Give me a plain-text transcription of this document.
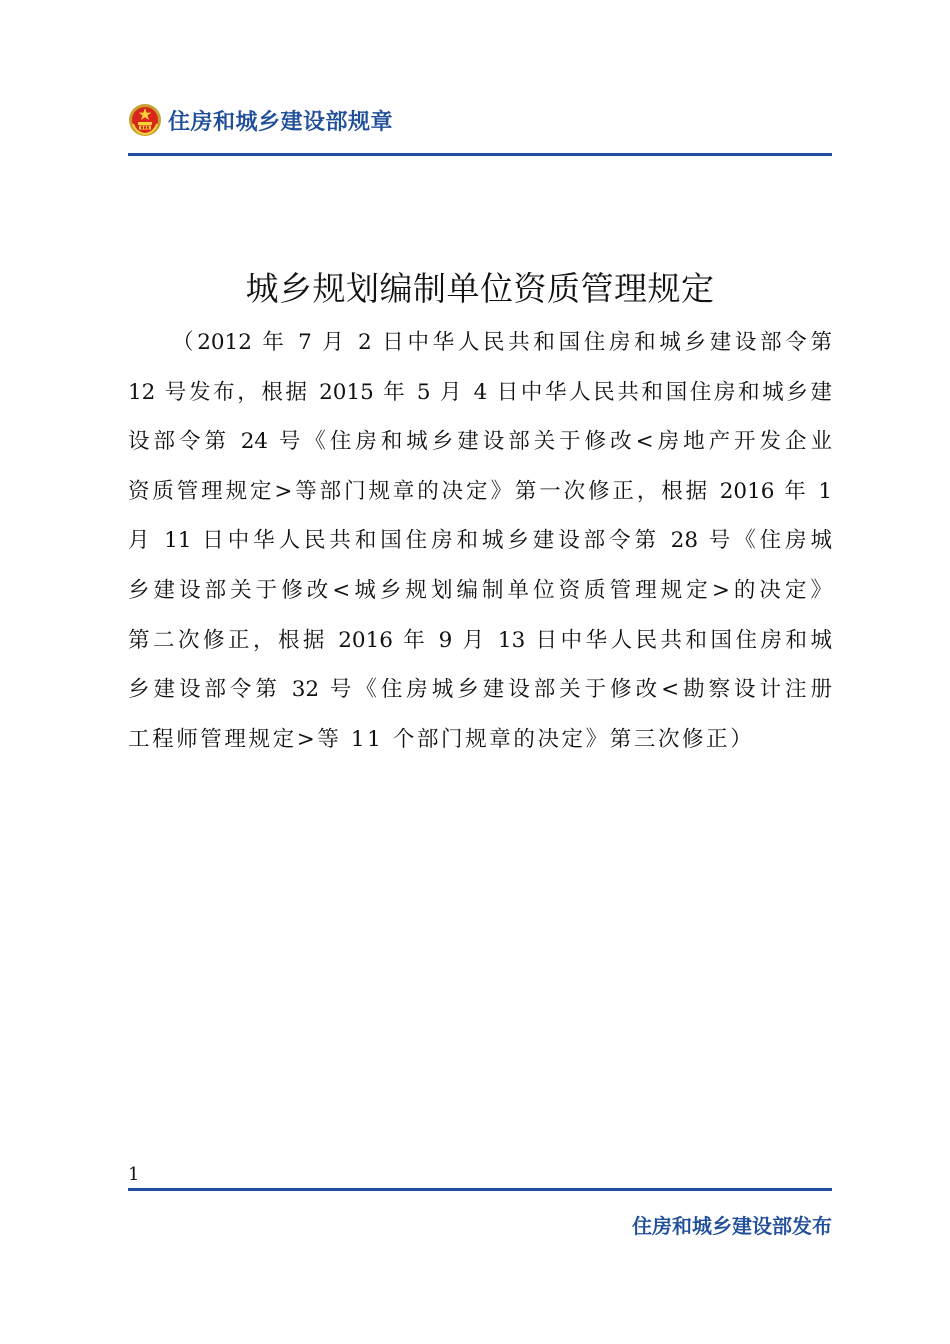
住房和城乡建设部规章
城乡规划编制单位资质管理规定
（2012 年 7 月 2 日中华人民共和国住房和城乡建设部令第
12 号发布，根据 2015 年 5 月 4 日中华人民共和国住房和城乡建
设部令第 24 号《住房和城乡建设部关于修改<房地产开发企业
资质管理规定>等部门规章的决定》第一次修正，根据 2016 年 1
月 11 日中华人民共和国住房和城乡建设部令第 28 号《住房城
乡建设部关于修改<城乡规划编制单位资质管理规定>的决定》
第二次修正，根据 2016 年 9 月 13 日中华人民共和国住房和城
乡建设部令第 32 号《住房城乡建设部关于修改<勘察设计注册
工程师管理规定>等 11 个部门规章的决定》第三次修正）
1
住房和城乡建设部发布
